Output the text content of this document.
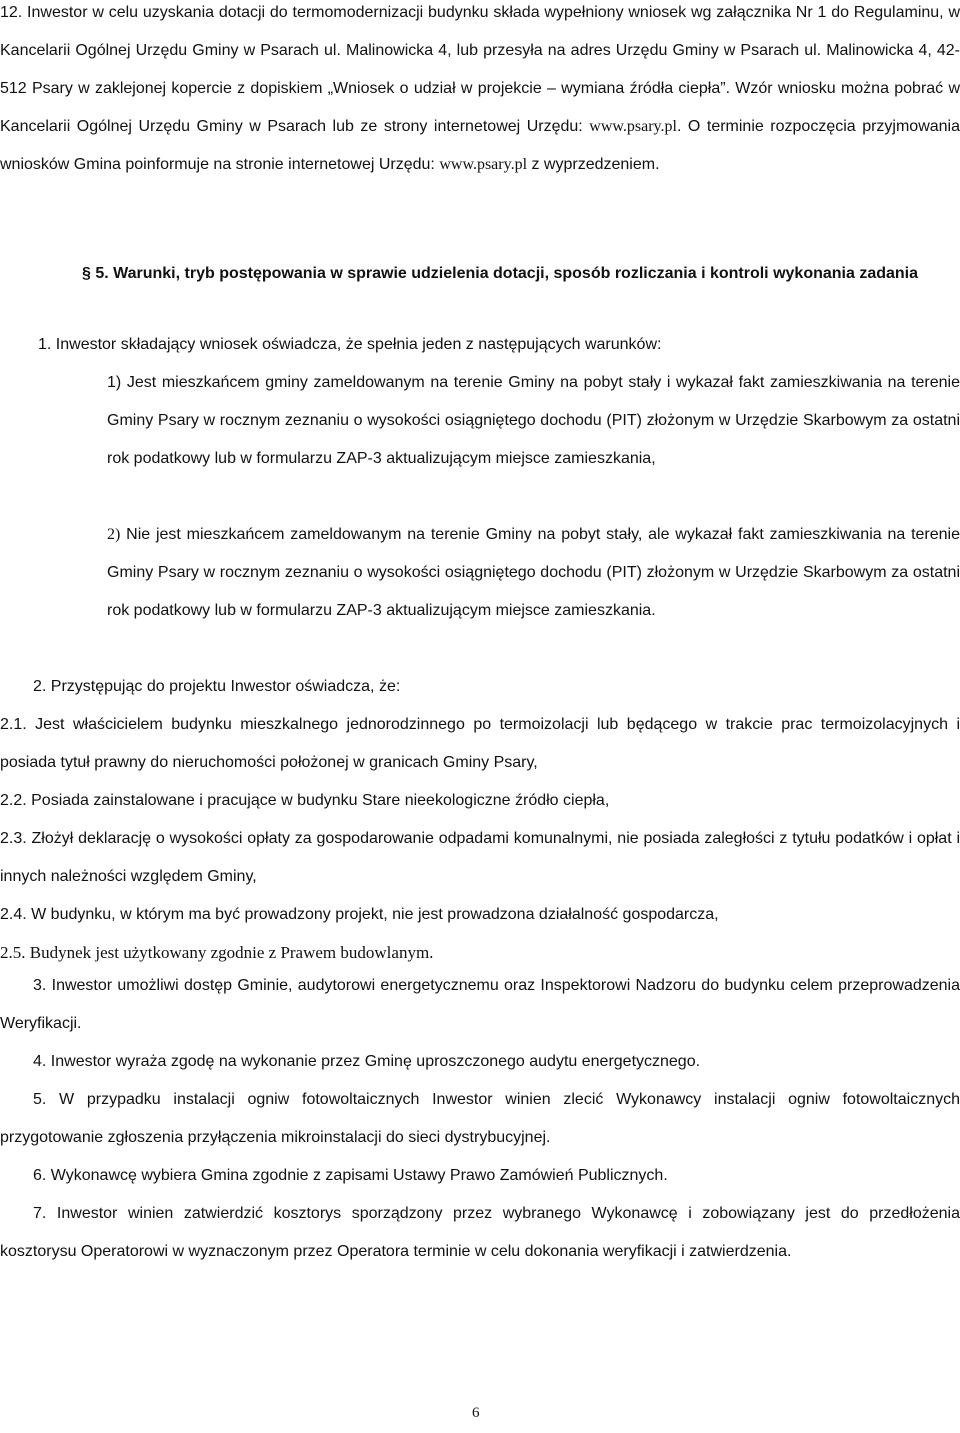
12. Inwestor w celu uzyskania dotacji do termomodernizacji budynku składa wypełniony wniosek wg załącznika Nr 1 do Regulaminu, w Kancelarii Ogólnej Urzędu Gminy w Psarach ul. Malinowicka 4, lub przesyła na adres Urzędu Gminy w Psarach ul. Malinowicka 4, 42-512 Psary w zaklejonej kopercie z dopiskiem „Wniosek o udział w projekcie – wymiana źródła ciepła”. Wzór wniosku można pobrać w Kancelarii Ogólnej Urzędu Gminy w Psarach lub ze strony internetowej Urzędu: www.psary.pl. O terminie rozpoczęcia przyjmowania wniosków Gmina poinformuje na stronie internetowej Urzędu: www.psary.pl z wyprzedzeniem.

§ 5. Warunki, tryb postępowania w sprawie udzielenia dotacji, sposób rozliczania i kontroli wykonania zadania

1. Inwestor składający wniosek oświadcza, że spełnia jeden z następujących warunków:

1) Jest mieszkańcem gminy zameldowanym na terenie Gminy na pobyt stały i wykazał fakt zamieszkiwania na terenie Gminy Psary w rocznym zeznaniu o wysokości osiągniętego dochodu (PIT) złożonym w Urzędzie Skarbowym za ostatni rok podatkowy lub w formularzu ZAP-3 aktualizującym miejsce zamieszkania,

2) Nie jest mieszkańcem zameldowanym na terenie Gminy na pobyt stały, ale wykazał fakt zamieszkiwania na terenie Gminy Psary w rocznym zeznaniu o wysokości osiągniętego dochodu (PIT) złożonym w Urzędzie Skarbowym za ostatni rok podatkowy lub w formularzu ZAP-3 aktualizującym miejsce zamieszkania.

2. Przystępując do projektu Inwestor oświadcza, że:

2.1. Jest właścicielem budynku mieszkalnego jednorodzinnego po termoizolacji lub będącego w trakcie prac termoizolacyjnych i posiada tytuł prawny do nieruchomości położonej w granicach Gminy Psary,

2.2. Posiada zainstalowane i pracujące w budynku Stare nieekologiczne źródło ciepła,

2.3. Złożył deklarację o wysokości opłaty za gospodarowanie odpadami komunalnymi, nie posiada zaległości z tytułu podatków i opłat i innych należności względem Gminy,

2.4. W budynku, w którym ma być prowadzony projekt, nie jest prowadzona działalność gospodarcza,

2.5. Budynek jest użytkowany zgodnie z Prawem budowlanym.

3. Inwestor umożliwi dostęp Gminie, audytorowi energetycznemu oraz Inspektorowi Nadzoru do budynku celem przeprowadzenia Weryfikacji.

4. Inwestor wyraża zgodę na wykonanie przez Gminę uproszczonego audytu energetycznego.

5. W przypadku instalacji ogniw fotowoltaicznych Inwestor winien zlecić Wykonawcy instalacji ogniw fotowoltaicznych przygotowanie zgłoszenia przyłączenia mikroinstalacji do sieci dystrybucyjnej.

6. Wykonawcę wybiera Gmina zgodnie z zapisami Ustawy Prawo Zamówień Publicznych.

7. Inwestor winien zatwierdzić kosztorys sporządzony przez wybranego Wykonawcę i zobowiązany jest do przedłożenia kosztorysu Operatorowi w wyznaczonym przez Operatora terminie w celu dokonania weryfikacji i zatwierdzenia.

6
